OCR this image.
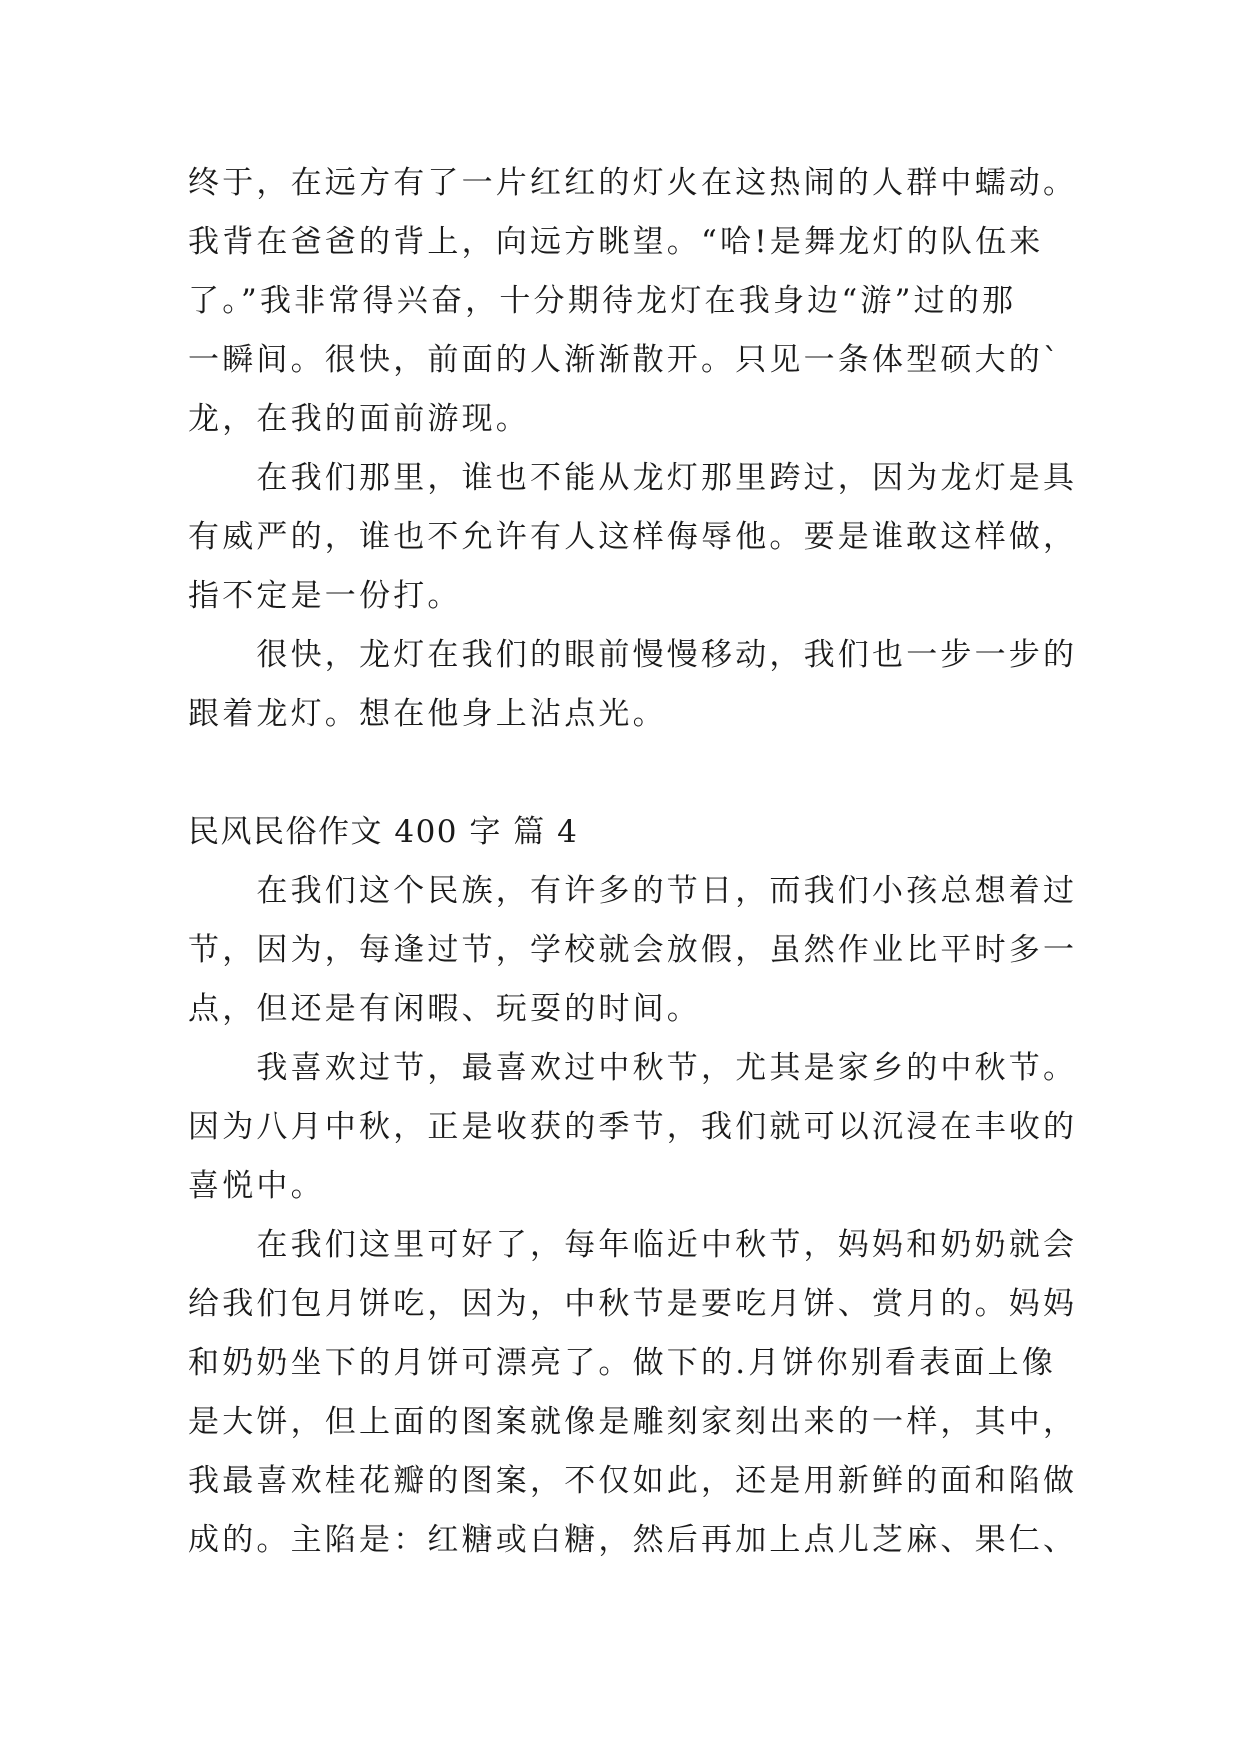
终于，在远方有了一片红红的灯火在这热闹的人群中蠕动。
我背在爸爸的背上，向远方眺望。“哈!是舞龙灯的队伍来
了。”我非常得兴奋，十分期待龙灯在我身边“游”过的那
一瞬间。很快，前面的人渐渐散开。只见一条体型硕大的`
龙，在我的面前游现。
　　在我们那里，谁也不能从龙灯那里跨过，因为龙灯是具
有威严的，谁也不允许有人这样侮辱他。要是谁敢这样做，
指不定是一份打。
　　很快，龙灯在我们的眼前慢慢移动，我们也一步一步的
跟着龙灯。想在他身上沾点光。
民风民俗作文 400 字 篇 4
　　在我们这个民族，有许多的节日，而我们小孩总想着过
节，因为，每逢过节，学校就会放假，虽然作业比平时多一
点，但还是有闲暇、玩耍的时间。
　　我喜欢过节，最喜欢过中秋节，尤其是家乡的中秋节。
因为八月中秋，正是收获的季节，我们就可以沉浸在丰收的
喜悦中。
　　在我们这里可好了，每年临近中秋节，妈妈和奶奶就会
给我们包月饼吃，因为，中秋节是要吃月饼、赏月的。妈妈
和奶奶坐下的月饼可漂亮了。做下的.月饼你别看表面上像
是大饼，但上面的图案就像是雕刻家刻出来的一样，其中，
我最喜欢桂花瓣的图案，不仅如此，还是用新鲜的面和陷做
成的。主陷是：红糖或白糖，然后再加上点儿芝麻、果仁、
